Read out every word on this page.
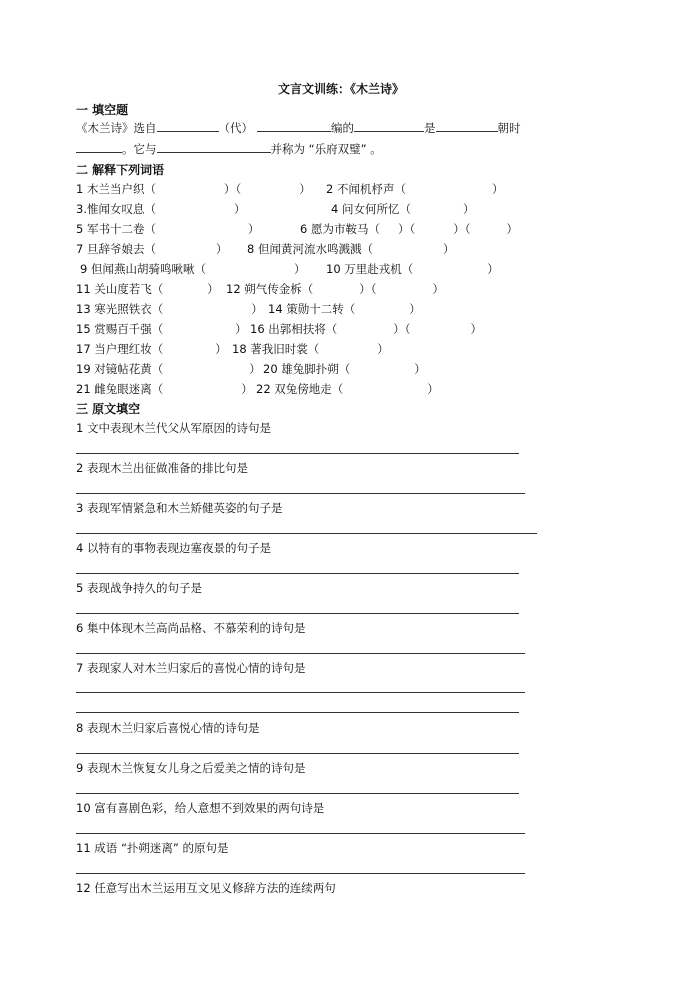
文言文训练：《木兰诗》
一 填空题
《木兰诗》选自	（代）	编的	是	朝时
。它与	并称为 “乐府双璧” 。
二 解释下列词语
1 木兰当户织（	）（	） 2 不闻机杼声（	）
3.惟闻女叹息（	）	4 问女何所忆（	）
5 军书十二卷（	）	6 愿为市鞍马（ ）（	）（	）
7 旦辞爷娘去（	） 8 但闻黄河流水鸣溅溅（	）
9 但闻燕山胡骑鸣啾啾（	） 10 万里赴戎机（	）
11 关山度若飞（	） 12 朔气传金柝（	）（	）
13 寒光照铁衣（	） 14 策勋十二转（	）
15 赏赐百千强（	） 16 出郭相扶将（	）（	）
17 当户理红妆（	） 18 著我旧时裳（	）
19 对镜帖花黄（	） 20 雄兔脚扑朔（	）
21 雌兔眼迷离（	） 22 双兔傍地走（	）
三 原文填空
1 文中表现木兰代父从军原因的诗句是
2 表现木兰出征做准备的排比句是
3 表现军情紧急和木兰矫健英姿的句子是
4 以特有的事物表现边塞夜景的句子是
5 表现战争持久的句子是
6 集中体现木兰高尚品格、不慕荣利的诗句是
7 表现家人对木兰归家后的喜悦心情的诗句是
8 表现木兰归家后喜悦心情的诗句是
9 表现木兰恢复女儿身之后爱美之情的诗句是
10 富有喜剧色彩，给人意想不到效果的两句诗是
11 成语 “扑朔迷离” 的原句是
12 任意写出木兰运用互文见义修辞方法的连续两句
